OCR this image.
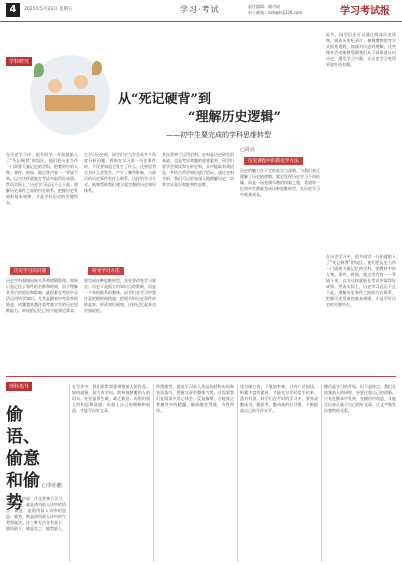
4	2025年5月23日 星期五	学习·考试	责任编辑：谢丹瑶
电子邮箱：zxb@hljj126.com	学习考试报
学科研究
从“死记硬背”到
“理解历史逻辑”
——初中生要完成的学科思维转型
□周良
此外，同学们还可以通过阅读历史读物、观看历史纪录片、参观博物馆等方式拓宽视野，加深对历史的理解。这些课外活动能够帮助我们从不同角度认识历史，激发学习兴趣，让历史学习变得更加生动有趣。
在历史学习中，很多同学一开始就陷入了“死记硬背”的误区。他们把历史当作一门需要大量记忆的学科，把教材中的人物、事件、时间、地点等内容一一背诵下来，以为这样就能在考试中取得好成绩。然而实际上，历史学习远远不止于此。理解历史事件之间的内在联系，把握历史发展的基本规律，才是学好历史的关键所在。
历史学习的问题
历史学科强调因果关系和逻辑推理。如果只是记住了事件的名称和时间，而不理解其背后的原因和影响，就很难在考试中灵活运用所学知识。尤其是随着中考改革的推进，试题越来越注重考查学生的历史思维能力，单纯的记忆已经不能满足需求。
在学习历史时，同学们应当学会从多个角度分析问题。例如在学习某一历史事件时，不仅要知道它发生了什么，还要思考它为什么会发生，产生了哪些影响，与前后的历史事件有什么联系。这样的学习方式，能够帮助我们建立起完整的历史知识体系。
转变学习方法
要完成这种思维转型，首先要改变学习观念。历史不是孤立的知识点的堆砌，而是一个有机联系的整体。同学们在学习中要注意把握时间线索，把相关的历史事件串联起来，形成知识网络，这样记忆起来也更加轻松。
其次要善于运用史料。史料是历史研究的基础，也是考试命题的重要素材。同学们要学会阅读和分析史料，从中提取有效信息，并结合所学知识进行论证。通过史料分析，我们可以更加深入地理解历史，培养实证意识和批判性思维。
历史课程中的新史学方法
历史的魅力在于它的真实与深刻。当我们真正理解了历史的逻辑，就会发现历史学习不再枯燥，而是一场充满乐趣的探索之旅。希望每一位初中生都能完成这种思维转型，在历史学习中收获成长。
在历史学习中，很多同学一开始就陷入了“死记硬背”的误区。他们把历史当作一门需要大量记忆的学科，把教材中的人物、事件、时间、地点等内容一一背诵下来，以为这样就能在考试中取得好成绩。然而实际上，历史学习远远不止于此。理解历史事件之间的内在联系，把握历史发展的基本规律，才是学好历史的关键所在。
理科指导
偷语、偷意和偷势
□李亦鹏
《诗学》中说：作文要善于学习，所谓偷语，就是借用前人诗中的语言；偷意，是借用前人诗中的意思；偷势，则是借用前人诗中的气势和笔法。这三种方法各有高下，偷语最下，偷意次之，偷势最上。
在写作中，我们常常需要借鉴前人的作品。如何借鉴，却大有学问。简单地照搬别人的语句，往往显得生硬，缺乏新意；而借用别人的构思和意境，再加上自己的理解和创造，才能写出好文章。
所谓偷势，就是学习前人作品的结构布局和表达技巧，把握文章的整体气势。这需要我们在阅读中用心体会，反复揣摩，才能真正掌握其中的精髓，做到融会贯通，为我所用。
读书破万卷，下笔如有神。只有广泛阅读，积累丰富的素材，才能在写作时信手拈来，游刃有余。同学们在平时的学习中，要养成勤读书、勤思考、勤动笔的好习惯，不断提高自己的写作水平。
模仿是学习的开始，但不是终点。我们在借鉴前人的同时，更要注重自己的创新。只有在继承中发展，在模仿中创造，才能写出真正属于自己的好文章，让文字焕发出独特的光彩。
